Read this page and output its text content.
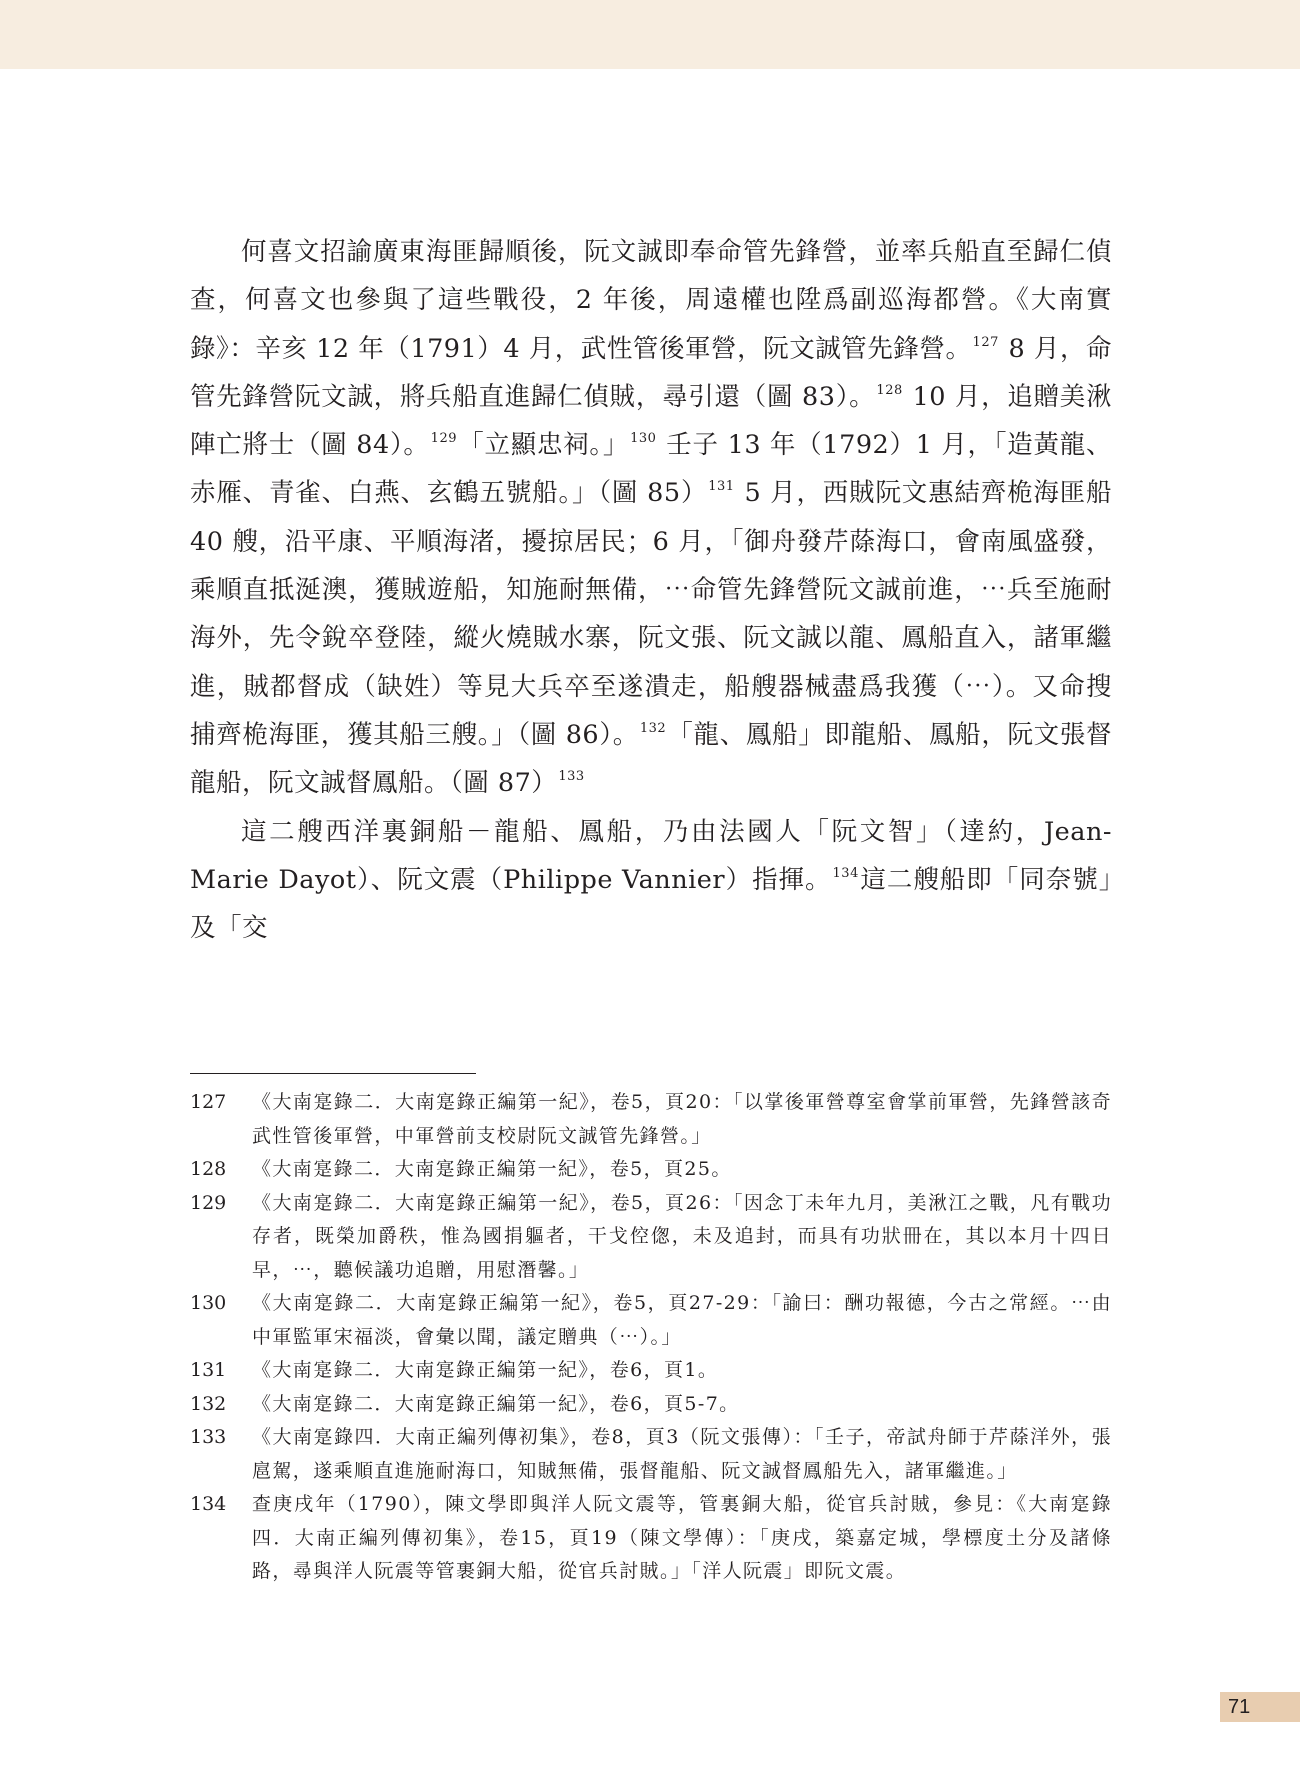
何喜文招諭廣東海匪歸順後，阮文誠即奉命管先鋒營，並率兵船直至歸仁偵查，何喜文也參與了這些戰役，2 年後，周遠權也陞爲副巡海都營。《大南實錄》：辛亥 12 年（1791）4 月，武性管後軍營，阮文誠管先鋒營。$^{127}$ 8 月，命管先鋒營阮文誠，將兵船直進歸仁偵賊，尋引還（圖 83）。$^{128}$ 10 月，追贈美湫陣亡將士（圖 84）。$^{129}$「立顯忠祠。」$^{130}$ 壬子 13 年（1792）1 月，「造黃龍、赤雁、青雀、白燕、玄鶴五號船。」（圖 85）$^{131}$ 5 月，西賊阮文惠結齊桅海匪船 40 艘，沿平康、平順海渚，擾掠居民；6 月，「御舟發芹蒢海口，會南風盛發，乘順直抵涎澳，獲賊遊船，知施耐無備，⋯命管先鋒營阮文誠前進，⋯兵至施耐海外，先令銳卒登陸，縱火燒賊水寨，阮文張、阮文誠以龍、鳳船直入，諸軍繼進，賊都督成（缺姓）等見大兵卒至遂潰走，船艘器械盡爲我獲（⋯）。又命搜捕齊桅海匪，獲其船三艘。」（圖 86）。$^{132}$「龍、鳳船」即龍船、鳳船，阮文張督龍船，阮文誠督鳳船。（圖 87）$^{133}$

這二艘西洋裏銅船－龍船、鳳船，乃由法國人「阮文智」（達約，Jean-Marie Dayot）、阮文震（Philippe Vannier）指揮。$^{134}$這二艘船即「同奈號」及「交

127	《大南寔錄二．大南寔錄正編第一紀》，卷5，頁20：「以掌後軍營尊室會掌前軍營，先鋒營該奇武性管後軍營，中軍營前支校尉阮文誠管先鋒營。」
128	《大南寔錄二．大南寔錄正編第一紀》，卷5，頁25。
129	《大南寔錄二．大南寔錄正編第一紀》，卷5，頁26：「因念丁未年九月，美湫江之戰，凡有戰功存者，既榮加爵秩，惟為國捐軀者，干戈倥偬，未及追封，而具有功狀冊在，其以本月十四日早，⋯，聽候議功追贈，用慰潛馨。」
130	《大南寔錄二．大南寔錄正編第一紀》，卷5，頁27-29：「諭曰：酬功報德，今古之常經。⋯由中軍監軍宋福淡，會彙以聞，議定贈典（⋯）。」
131	《大南寔錄二．大南寔錄正編第一紀》，卷6，頁1。
132	《大南寔錄二．大南寔錄正編第一紀》，卷6，頁5-7。
133	《大南寔錄四．大南正編列傳初集》，卷8，頁3（阮文張傳）：「壬子，帝試舟師于芹蒢洋外，張扈駕，遂乘順直進施耐海口，知賊無備，張督龍船、阮文誠督鳳船先入，諸軍繼進。」
134	查庚戌年（1790），陳文學即與洋人阮文震等，管裏銅大船，從官兵討賊，參見：《大南寔錄四．大南正編列傳初集》，卷15，頁19（陳文學傳）：「庚戌，築嘉定城，學標度土分及諸條路，尋與洋人阮震等管裹銅大船，從官兵討賊。」「洋人阮震」即阮文震。
71
